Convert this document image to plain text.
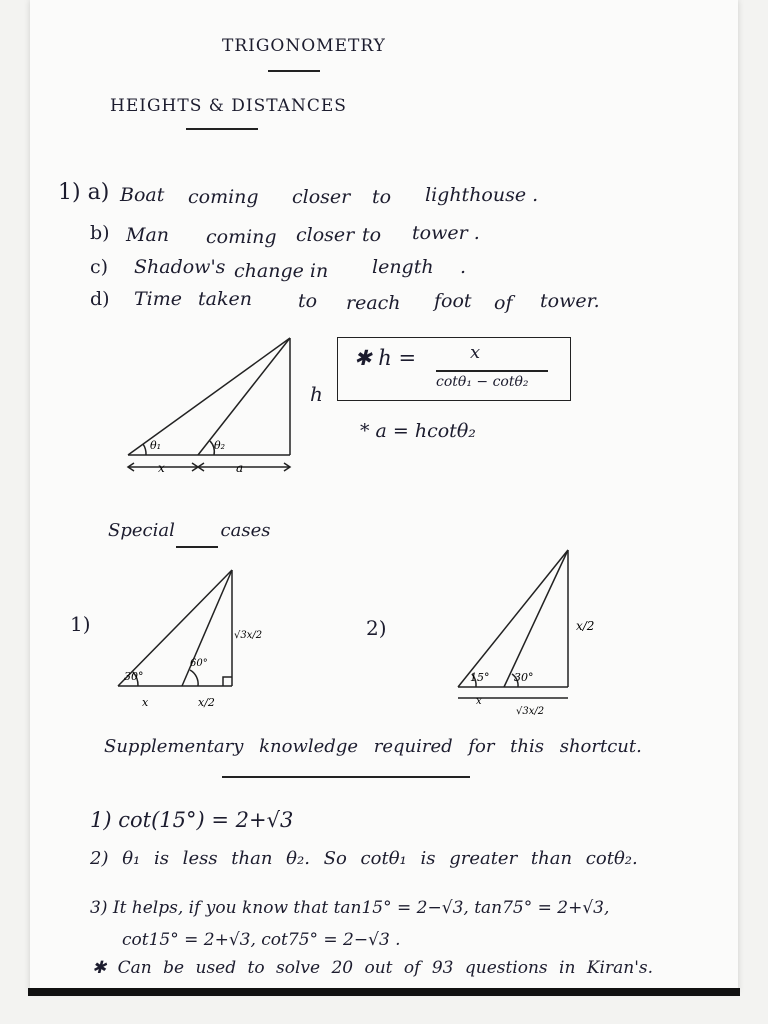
TRIGONOMETRY
HEIGHTS & DISTANCES
1) a) Boat coming closer to lighthouse .
b) Man coming closer to tower .
c) Shadow's change in length .
d) Time taken to reach foot of tower.
θ₁	θ₂
x	a
h
✱ h =	x
cotθ₁ − cotθ₂
* a = hcotθ₂
Special cases
1)
30°
60°
√3x/2
x	x/2
2)
15° 30°
x/2
x
√3x/2
Supplementary knowledge required for this shortcut.
1) cot(15°) = 2+√3
2) θ₁ is less than θ₂. So cotθ₁ is greater than cotθ₂.
3) It helps, if you know that tan15° = 2−√3, tan75° = 2+√3,
cot15° = 2+√3, cot75° = 2−√3 .
✱ Can be used to solve 20 out of 93 questions in Kiran's.
